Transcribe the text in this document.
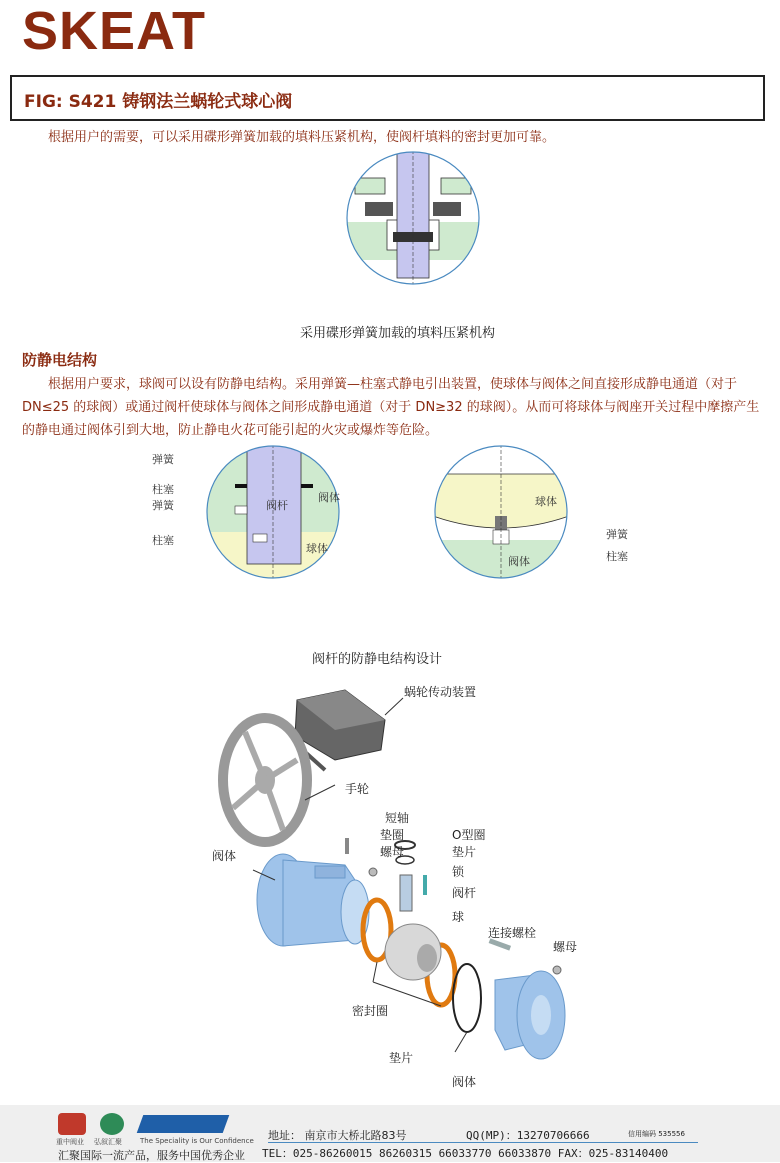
SKEAT
FIG: S421 铸钢法兰蜗轮式球心阀
根据用户的需要，可以采用碟形弹簧加载的填料压紧机构，使阀杆填料的密封更加可靠。
采用碟形弹簧加载的填料压紧机构
防静电结构
根据用户要求，球阀可以设有防静电结构。采用弹簧—柱塞式静电引出装置，使球体与阀体之间直接形成静电通道（对于 DN≤25 的球阀）或通过阀杆使球体与阀体之间形成静电通道（对于 DN≥32 的球阀）。从而可将球体与阀座开关过程中摩擦产生的静电通过阀体引到大地，防止静电火花可能引起的火灾或爆炸等危险。
弹簧
柱塞
弹簧
柱塞
阀杆
阀体
球体
球体
弹簧
柱塞
阀体
阀杆的防静电结构设计
蜗轮传动装置
手轮
阀体
短轴
垫圈
螺母
O型圈
垫片
锁
阀杆
球
连接螺栓
螺母
密封圈
垫片
阀体
重中阀业 弘叙汇聚	The Speciality is Our Confidence
汇聚国际一流产品，服务中国优秀企业
地址： 南京市大桥北路83号	QQ(MP)：13270706666	信用编码 535556
TEL：025-86260015 86260315 66033770 66033870 FAX：025-83140400
